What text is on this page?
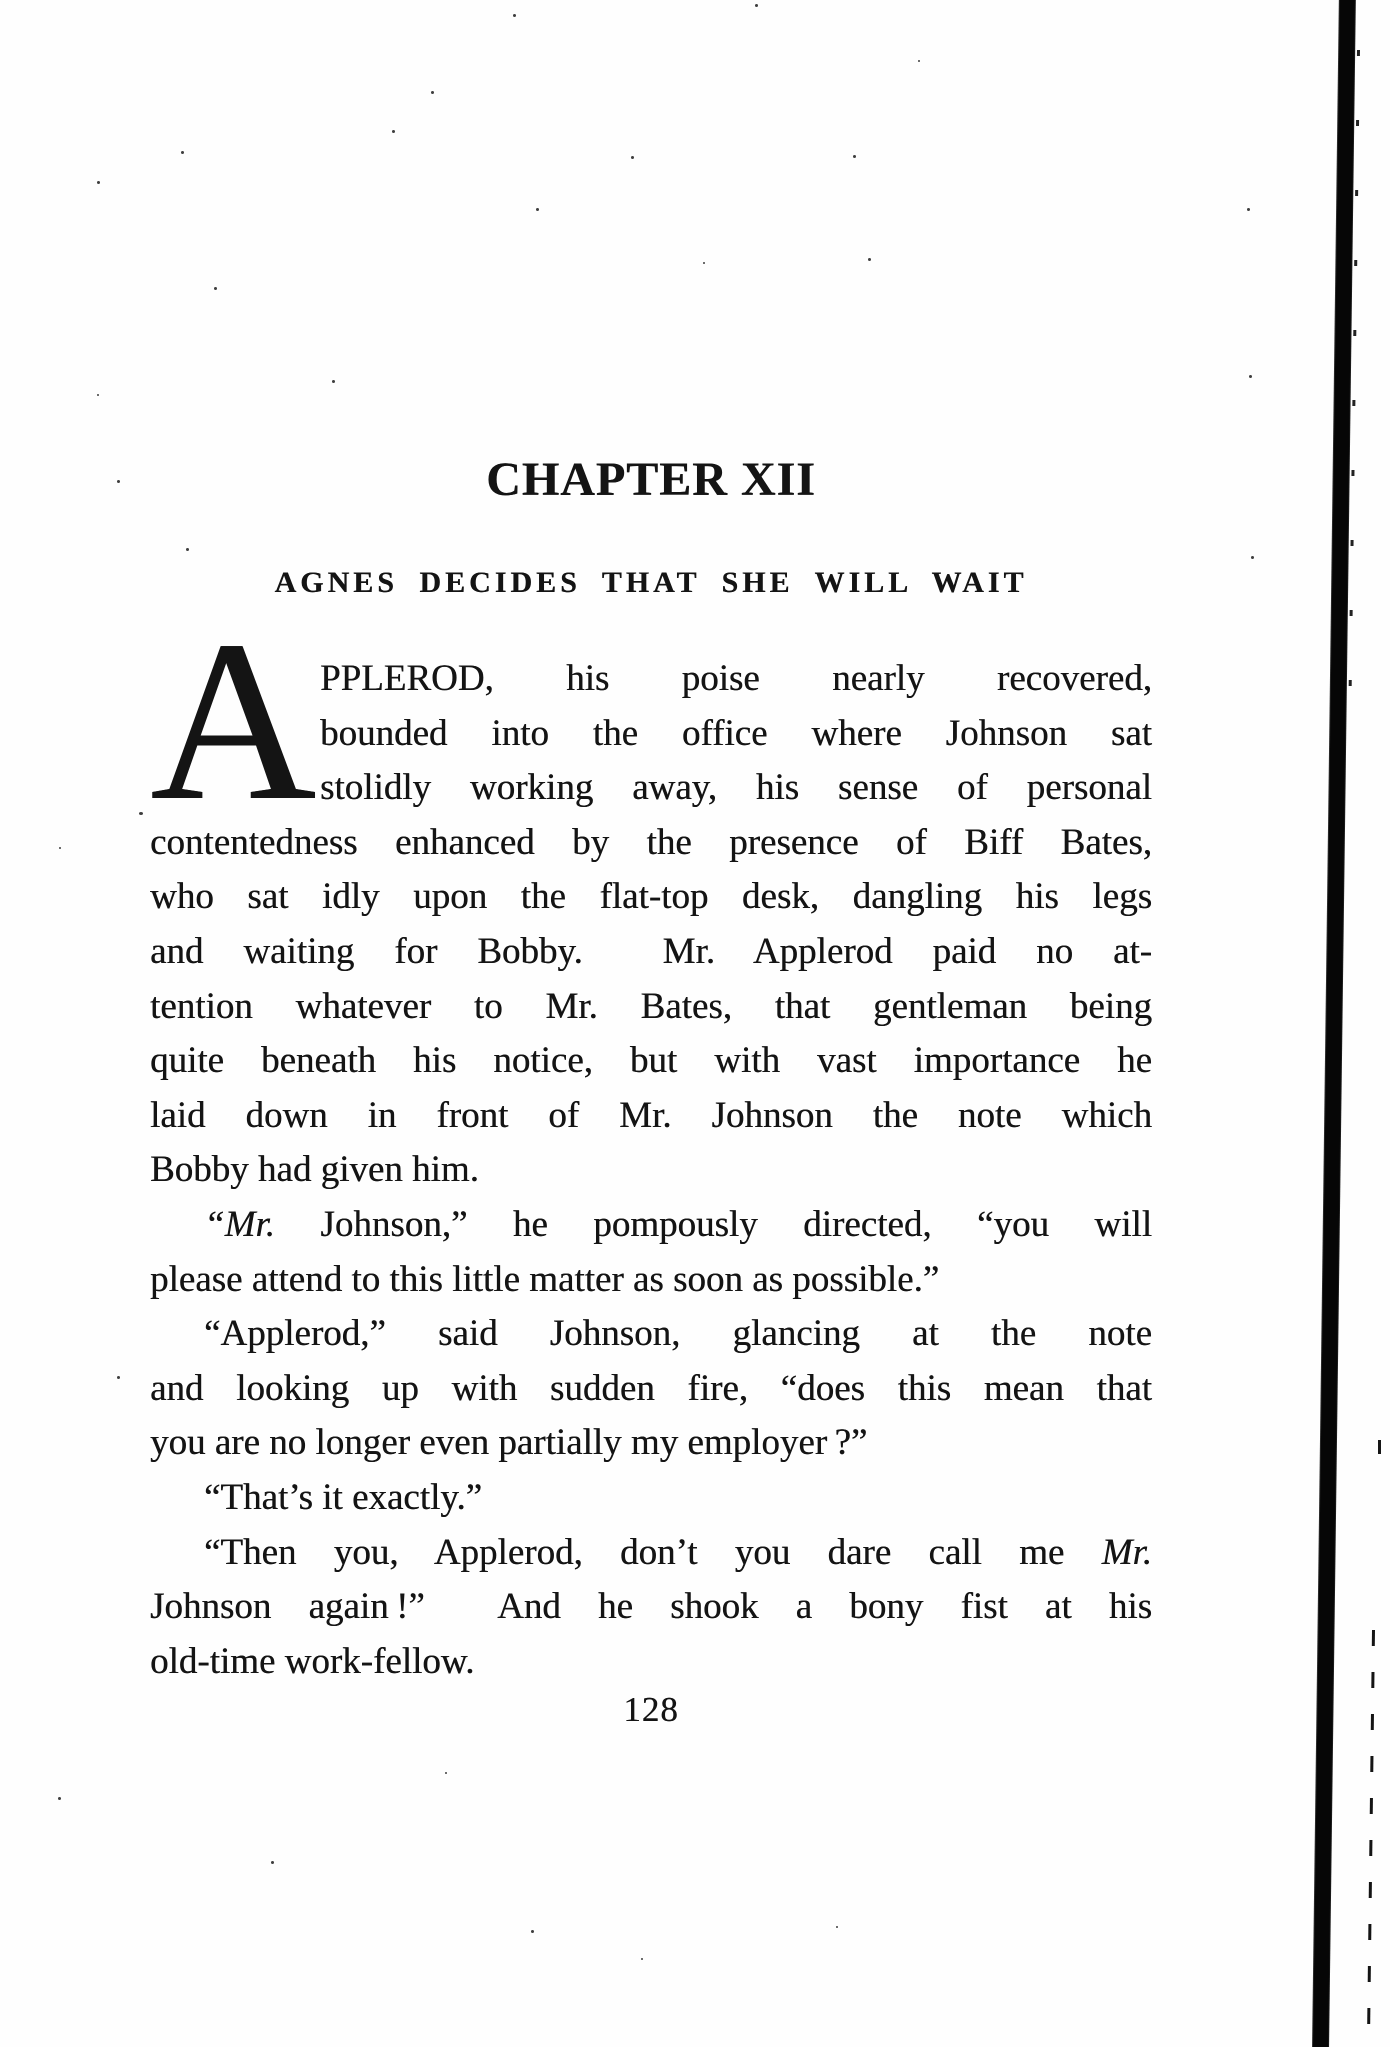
CHAPTER XII
AGNES DECIDES THAT SHE WILL WAIT
A PPLEROD, his poise nearly recovered,
bounded into the office where Johnson sat
stolidly working away, his sense of personal
contentedness enhanced by the presence of Biff Bates,
who sat idly upon the flat-top desk, dangling his legs
and waiting for Bobby.  Mr. Applerod paid no at-
tention whatever to Mr. Bates, that gentleman being
quite beneath his notice, but with vast importance he
laid down in front of Mr. Johnson the note which
Bobby had given him.
“Mr. Johnson,” he pompously directed, “you will
please attend to this little matter as soon as possible.”
“Applerod,” said Johnson, glancing at the note
and looking up with sudden fire, “does this mean that
you are no longer even partially my employer ?”
“That’s it exactly.”
“Then you, Applerod, don’t you dare call me Mr.
Johnson again !”  And he shook a bony fist at his
old-time work-fellow.
128
